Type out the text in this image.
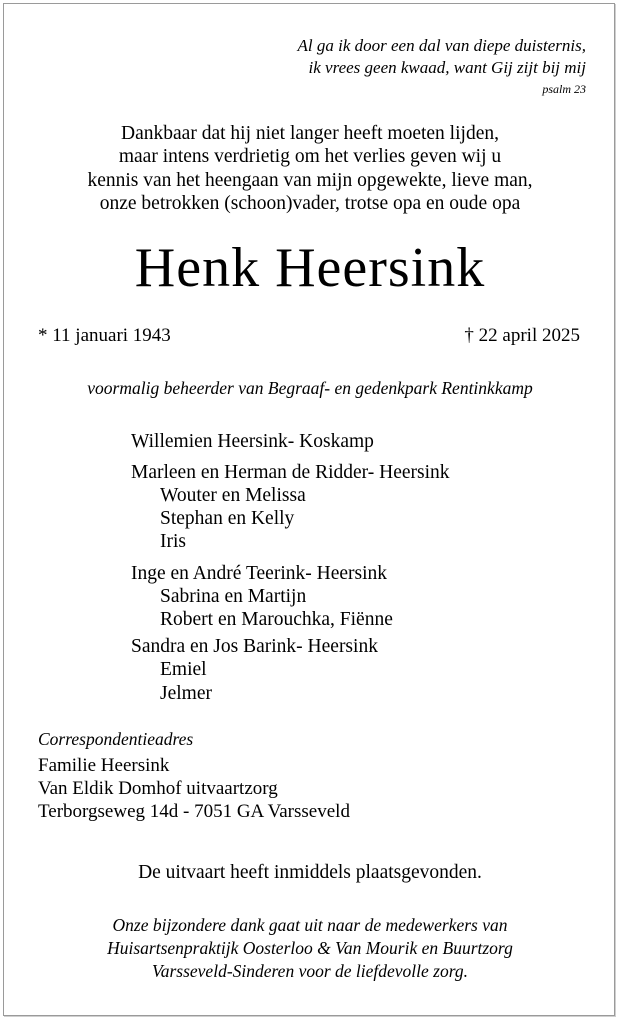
Al ga ik door een dal van diepe duisternis,
ik vrees geen kwaad, want Gij zijt bij mij
psalm 23
Dankbaar dat hij niet langer heeft moeten lijden,
maar intens verdrietig om het verlies geven wij u
kennis van het heengaan van mijn opgewekte, lieve man,
onze betrokken (schoon)vader, trotse opa en oude opa
Henk Heersink
* 11 januari 1943	† 22 april 2025
voormalig beheerder van Begraaf- en gedenkpark Rentinkkamp
Willemien Heersink- Koskamp
Marleen en Herman de Ridder- Heersink
Wouter en Melissa
Stephan en Kelly
Iris
Inge en André Teerink- Heersink
Sabrina en Martijn
Robert en Marouchka, Fiënne
Sandra en Jos Barink- Heersink
Emiel
Jelmer
Correspondentieadres
Familie Heersink
Van Eldik Domhof uitvaartzorg
Terborgseweg 14d - 7051 GA Varsseveld
De uitvaart heeft inmiddels plaatsgevonden.
Onze bijzondere dank gaat uit naar de medewerkers van
Huisartsenpraktijk Oosterloo & Van Mourik en Buurtzorg
Varsseveld-Sinderen voor de liefdevolle zorg.
